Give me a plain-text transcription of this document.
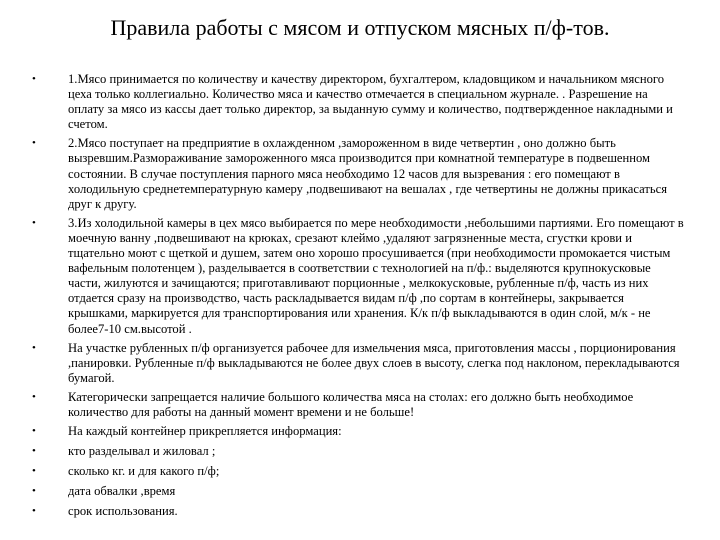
Правила работы с мясом и отпуском мясных п/ф-тов.
•	1.Мясо принимается по количеству и качеству директором, бухгалтером, кладовщиком и начальником мясного цеха только коллегиально. Количество мяса и качество отмечается в специальном журнале. . Разрешение на оплату за мясо из кассы дает только директор, за выданную сумму и количество, подтвержденное накладными и счетом.
•	2.Мясо поступает на предприятие в охлажденном ,замороженном в виде четвертин , оно должно быть вызревшим.Размораживание замороженного мяса производится при комнатной температуре в подвешенном состоянии. В случае поступления парного мяса необходимо 12 часов для вызревания : его помещают в холодильную среднетемпературную камеру ,подвешивают на вешалах , где четвертины не должны прикасаться друг к другу.
•	3.Из холодильной камеры в цех мясо выбирается по мере необходимости ,небольшими партиями. Его помещают в моечную ванну ,подвешивают на крюках, срезают клеймо ,удаляют загрязненные места, сгустки крови и тщательно моют с щеткой и душем, затем оно хорошо просушивается (при необходимости промокается чистым вафельным полотенцем ), разделывается в соответствии с технологией на п/ф.: выделяются крупнокусковые части, жилуются и зачищаются; приготавливают порционные , мелкокусковые, рубленные п/ф, часть из них отдается сразу на производство, часть раскладывается видам п/ф ,по сортам в контейнеры, закрывается крышками, маркируется для транспортирования или хранения. К/к п/ф выкладываются в один слой, м/к - не более7-10 см.высотой .
•	На участке рубленных п/ф организуется рабочее для измельчения мяса, приготовления массы , порционирования ,панировки. Рубленные п/ф выкладываются не более двух слоев в высоту, слегка под наклоном, перекладываются бумагой.
•	Категорически запрещается наличие большого количества мяса на столах: его должно быть необходимое количество для работы на данный момент времени и не больше!
•	На каждый контейнер прикрепляется информация:
•	кто разделывал и жиловал ;
•	сколько кг. и для какого п/ф;
•	дата обвалки ,время
•	срок использования.
